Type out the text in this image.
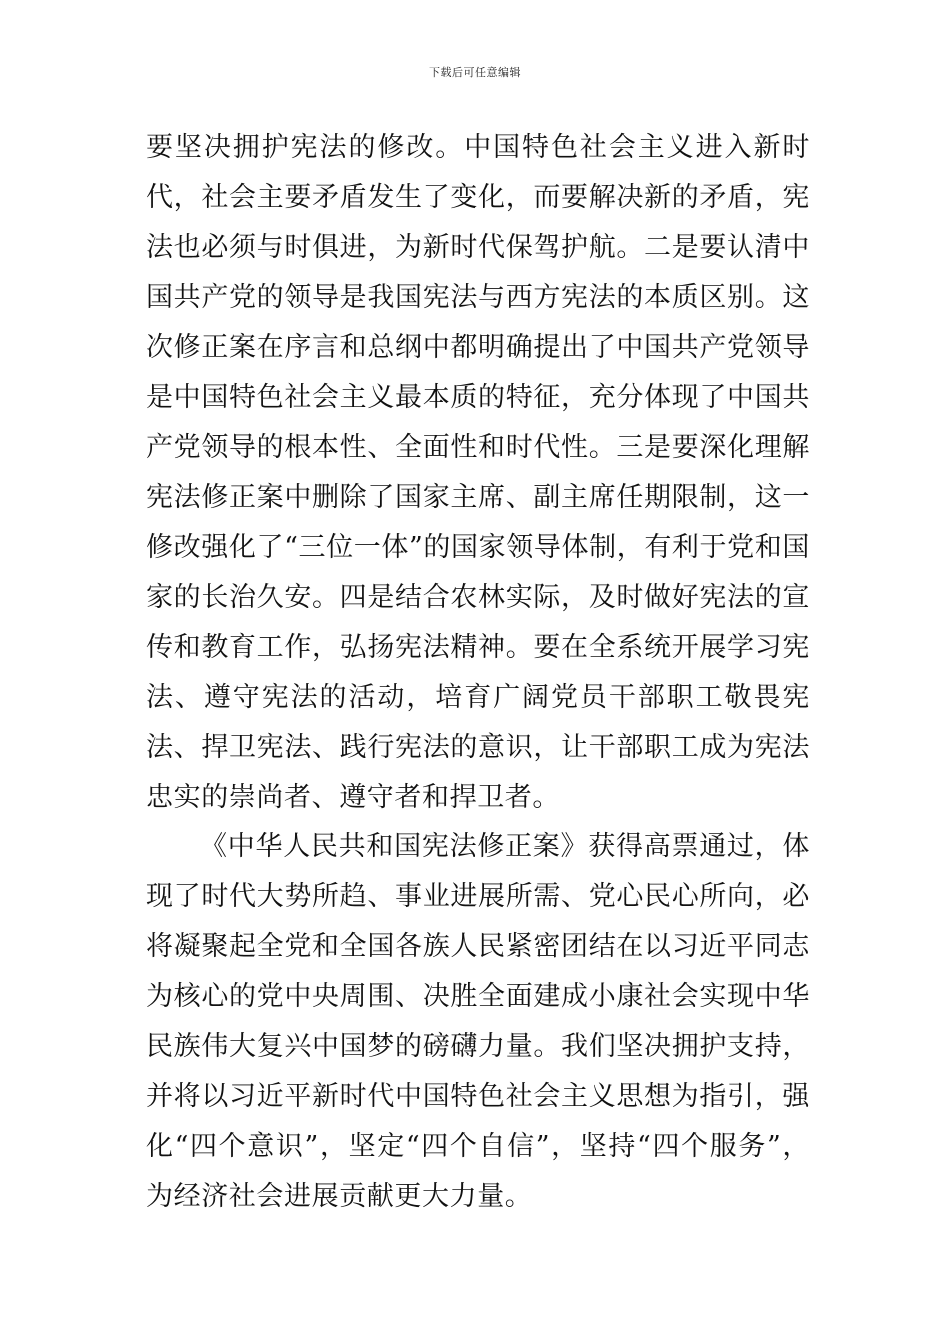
下载后可任意编辑

要坚决拥护宪法的修改。中国特色社会主义进入新时代，社会主要矛盾发生了变化，而要解决新的矛盾，宪法也必须与时俱进，为新时代保驾护航。二是要认清中国共产党的领导是我国宪法与西方宪法的本质区别。这次修正案在序言和总纲中都明确提出了中国共产党领导是中国特色社会主义最本质的特征，充分体现了中国共产党领导的根本性、全面性和时代性。三是要深化理解宪法修正案中删除了国家主席、副主席任期限制，这一修改强化了“三位一体”的国家领导体制，有利于党和国家的长治久安。四是结合农林实际，及时做好宪法的宣传和教育工作，弘扬宪法精神。要在全系统开展学习宪法、遵守宪法的活动，培育广阔党员干部职工敬畏宪法、捍卫宪法、践行宪法的意识，让干部职工成为宪法忠实的崇尚者、遵守者和捍卫者。

《中华人民共和国宪法修正案》获得高票通过，体现了时代大势所趋、事业进展所需、党心民心所向，必将凝聚起全党和全国各族人民紧密团结在以习近平同志为核心的党中央周围、决胜全面建成小康社会实现中华民族伟大复兴中国梦的磅礴力量。我们坚决拥护支持，并将以习近平新时代中国特色社会主义思想为指引，强化“四个意识”，坚定“四个自信”，坚持“四个服务”，为经济社会进展贡献更大力量。
